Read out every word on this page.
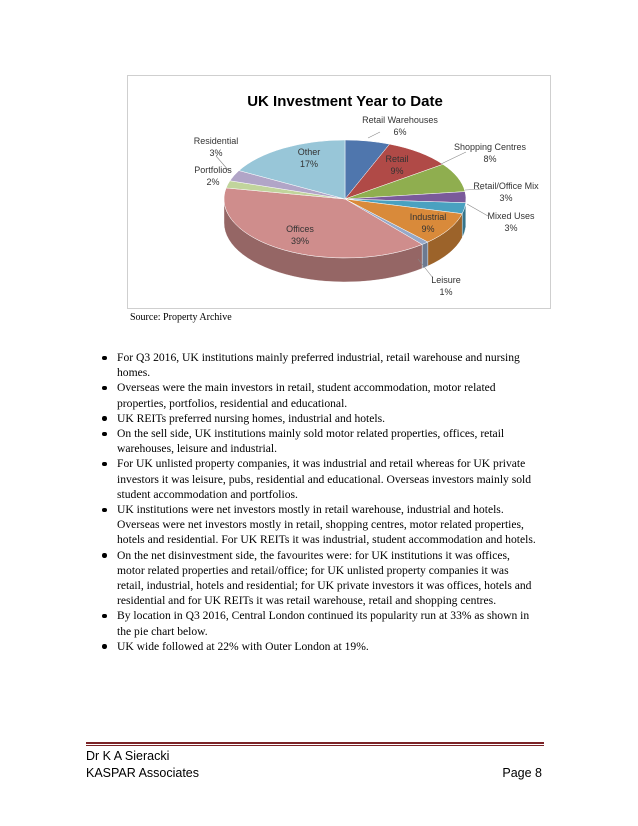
UK Investment Year to Date
Retail Warehouses
6%
Retail
9%
Shopping Centres
8%
Retail/Office Mix
3%
Mixed Uses
3%
Industrial
9%
Leisure
1%
Offices
39%
Portfolios
2%
Residential
3%	Other
17%
Source: Property Archive
For Q3 2016, UK institutions mainly preferred industrial, retail warehouse and nursing homes.
Overseas were the main investors in retail, student accommodation, motor related properties, portfolios, residential and educational.
UK REITs preferred nursing homes, industrial and hotels.
On the sell side, UK institutions mainly sold motor related properties, offices, retail warehouses, leisure and industrial.
For UK unlisted property companies, it was industrial and retail whereas for UK private investors it was leisure, pubs, residential and educational. Overseas investors mainly sold student accommodation and portfolios.
UK institutions were net investors mostly in retail warehouse, industrial and hotels. Overseas were net investors mostly in retail, shopping centres, motor related properties, hotels and residential. For UK REITs it was industrial, student accommodation and hotels.
On the net disinvestment side, the favourites were: for UK institutions it was offices, motor related properties and retail/office; for UK unlisted property companies it was retail, industrial, hotels and residential; for UK private investors it was offices, hotels and residential and for UK REITs it was retail warehouse, retail and shopping centres.
By location in Q3 2016, Central London continued its popularity run at 33% as shown in the pie chart below.
UK wide followed at 22% with Outer London at 19%.
Dr K A Sieracki
KASPAR Associates	Page 8
